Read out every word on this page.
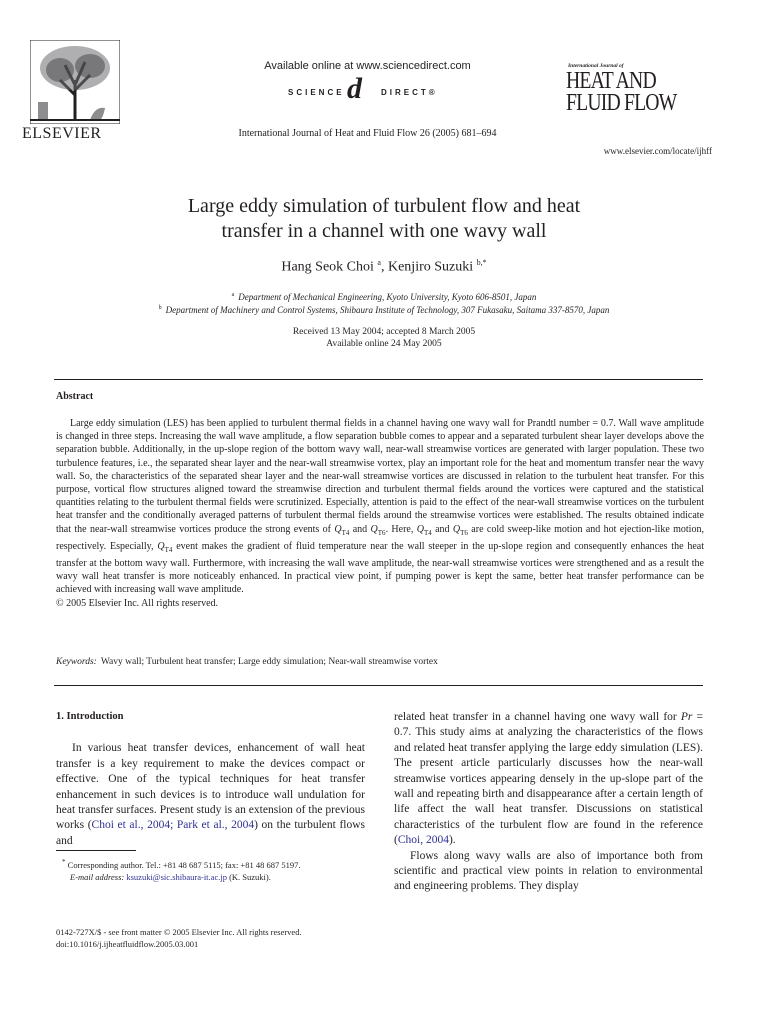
ELSEVIER
Available online at www.sciencedirect.com
SCIENCE d DIRECT®
International Journal of Heat and Fluid Flow 26 (2005) 681–694
International Journal of
HEAT AND
FLUID FLOW
www.elsevier.com/locate/ijhff
Large eddy simulation of turbulent flow and heat
transfer in a channel with one wavy wall
Hang Seok Choi $^a$, Kenjiro Suzuki $^{b,*}$
$^a$ Department of Mechanical Engineering, Kyoto University, Kyoto 606-8501, Japan
$^b$ Department of Machinery and Control Systems, Shibaura Institute of Technology, 307 Fukasaku, Saitama 337-8570, Japan
Received 13 May 2004; accepted 8 March 2005
Available online 24 May 2005
Abstract
Large eddy simulation (LES) has been applied to turbulent thermal fields in a channel having one wavy wall for Prandtl number = 0.7. Wall wave amplitude is changed in three steps. Increasing the wall wave amplitude, a flow separation bubble comes to appear and a separated turbulent shear layer develops above the separation bubble. Additionally, in the up-slope region of the bottom wavy wall, near-wall streamwise vortices are generated with larger population. These two turbulence features, i.e., the separated shear layer and the near-wall streamwise vortex, play an important role for the heat and momentum transfer near the wavy wall. So, the characteristics of the separated shear layer and the near-wall streamwise vortices are discussed in relation to the turbulent heat transfer. For this purpose, vortical flow structures aligned toward the streamwise direction and turbulent thermal fields around the vortices were captured and the statistical quantities relating to the turbulent thermal fields were scrutinized. Especially, attention is paid to the effect of the near-wall streamwise vortices on the turbulent heat transfer and the conditionally averaged patterns of turbulent thermal fields around the streamwise vortices were established. The results obtained indicate that the near-wall streamwise vortices produce the strong events of $Q_{T4}$ and $Q_{T6}$. Here, $Q_{T4}$ and $Q_{T6}$ are cold sweep-like motion and hot ejection-like motion, respectively. Especially, $Q_{T4}$ event makes the gradient of fluid temperature near the wall steeper in the up-slope region and consequently enhances the heat transfer at the bottom wavy wall. Furthermore, with increasing the wall wave amplitude, the near-wall streamwise vortices were strengthened and as a result the wavy wall heat transfer is more noticeably enhanced. In practical view point, if pumping power is kept the same, better heat transfer performance can be achieved with increasing wall wave amplitude.
© 2005 Elsevier Inc. All rights reserved.
Keywords: Wavy wall; Turbulent heat transfer; Large eddy simulation; Near-wall streamwise vortex
1. Introduction

In various heat transfer devices, enhancement of wall heat transfer is a key requirement to make the devices compact or effective. One of the typical techniques for heat transfer enhancement in such devices is to introduce wall undulation for heat transfer surfaces. Present study is an extension of the previous works (Choi et al., 2004; Park et al., 2004) on the turbulent flows and

* Corresponding author. Tel.: +81 48 687 5115; fax: +81 48 687 5197.
E-mail address: ksuzuki@sic.shibaura-it.ac.jp (K. Suzuki).
0142-727X/$ - see front matter © 2005 Elsevier Inc. All rights reserved.
doi:10.1016/j.ijheatfluidflow.2005.03.001

related heat transfer in a channel having one wavy wall for Pr = 0.7. This study aims at analyzing the characteristics of the flows and related heat transfer applying the large eddy simulation (LES). The present article particularly discusses how the near-wall streamwise vortices appearing densely in the up-slope part of the wall and repeating birth and disappearance after a certain length of life affect the wall heat transfer. Discussions on statistical characteristics of the turbulent flow are found in the reference (Choi, 2004).

Flows along wavy walls are also of importance both from scientific and practical view points in relation to environmental and engineering problems. They display
